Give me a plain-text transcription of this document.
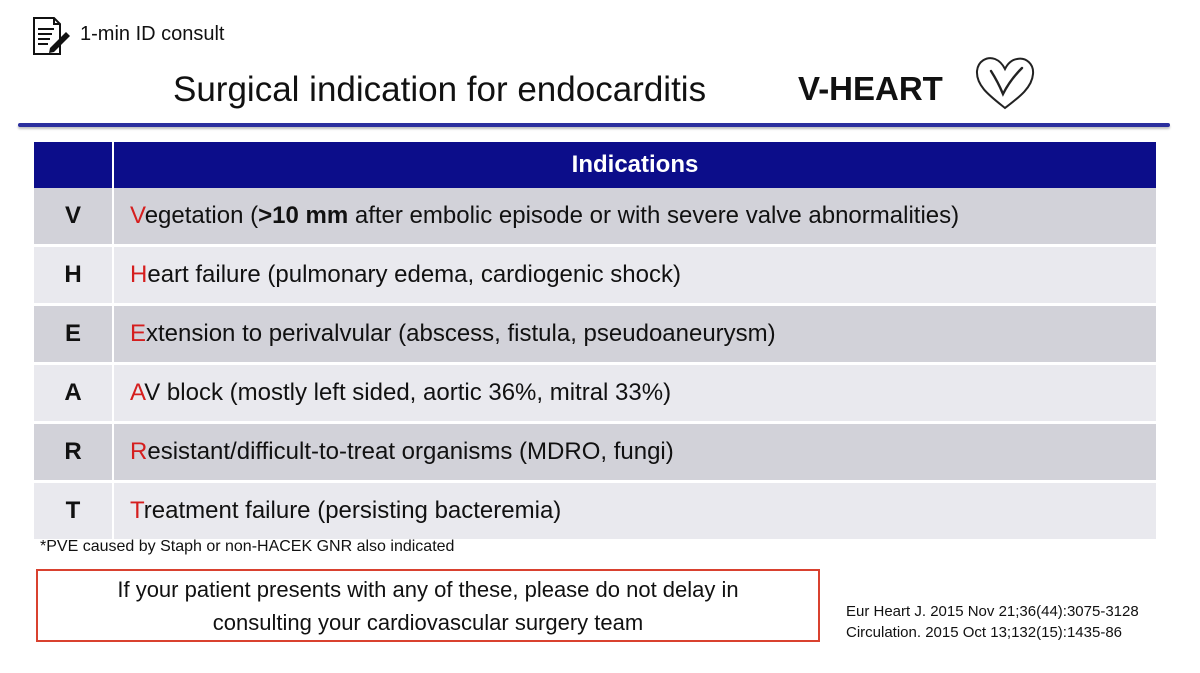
1-min ID consult
Surgical indication for endocarditis	V-HEART
	Indications
V	Vegetation (>10 mm after embolic episode or with severe valve abnormalities)
H	Heart failure (pulmonary edema, cardiogenic shock)
E	Extension to perivalvular (abscess, fistula, pseudoaneurysm)
A	AV block (mostly left sided, aortic 36%, mitral 33%)
R	Resistant/difficult-to-treat organisms (MDRO, fungi)
T	Treatment failure (persisting bacteremia)
*PVE caused by Staph or non-HACEK GNR also indicated
If your patient presents with any of these, please do not delay in
consulting your cardiovascular surgery team	Eur Heart J. 2015 Nov 21;36(44):3075-3128
Circulation. 2015 Oct 13;132(15):1435-86
